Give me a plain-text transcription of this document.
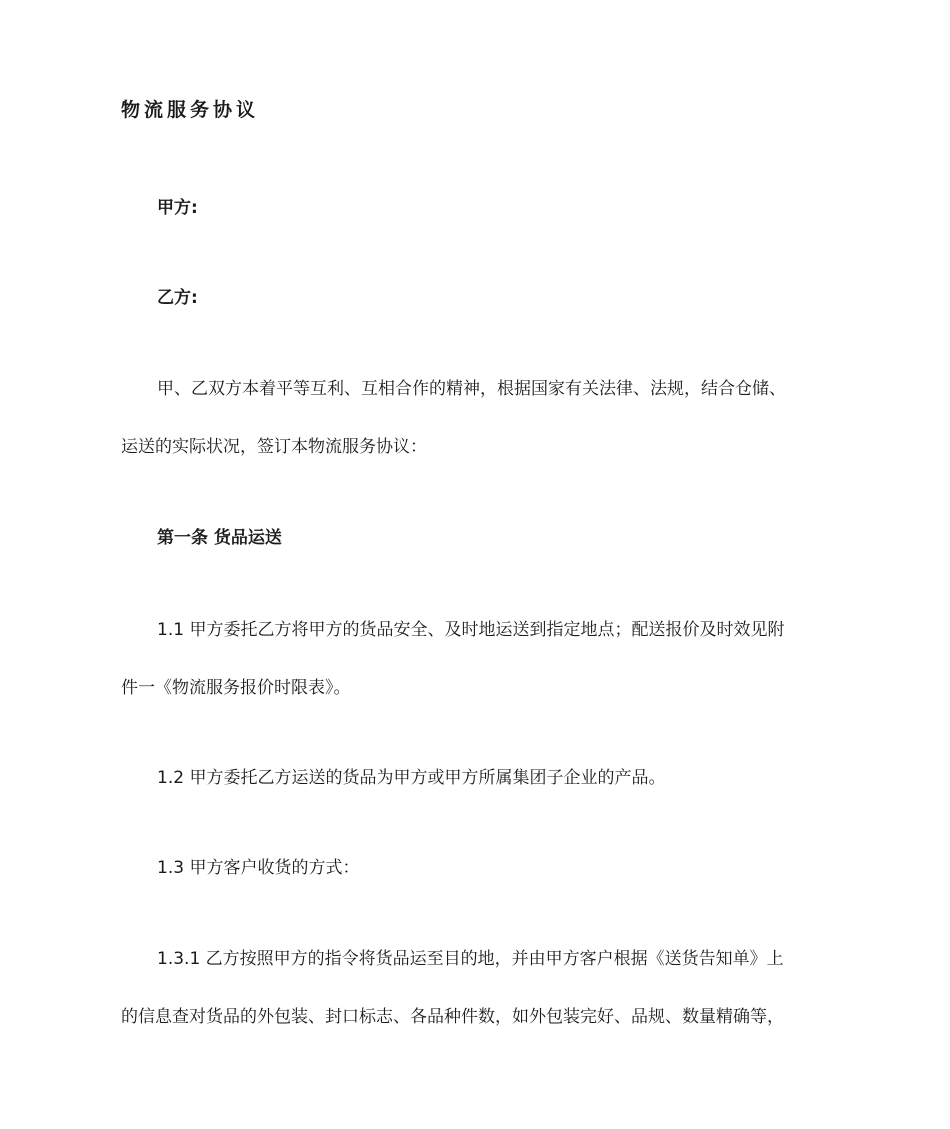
物流服务协议
甲方:
乙方:
甲、乙双方本着平等互利、互相合作的精神，根据国家有关法律、法规，结合仓储、
运送的实际状况，签订本物流服务协议：
第一条 货品运送
1.1 甲方委托乙方将甲方的货品安全、及时地运送到指定地点；配送报价及时效见附
件一《物流服务报价时限表》。
1.2 甲方委托乙方运送的货品为甲方或甲方所属集团子企业的产品。
1.3 甲方客户收货的方式：
1.3.1 乙方按照甲方的指令将货品运至目的地，并由甲方客户根据《送货告知单》上
的信息查对货品的外包装、封口标志、各品种件数，如外包装完好、品规、数量精确等，
